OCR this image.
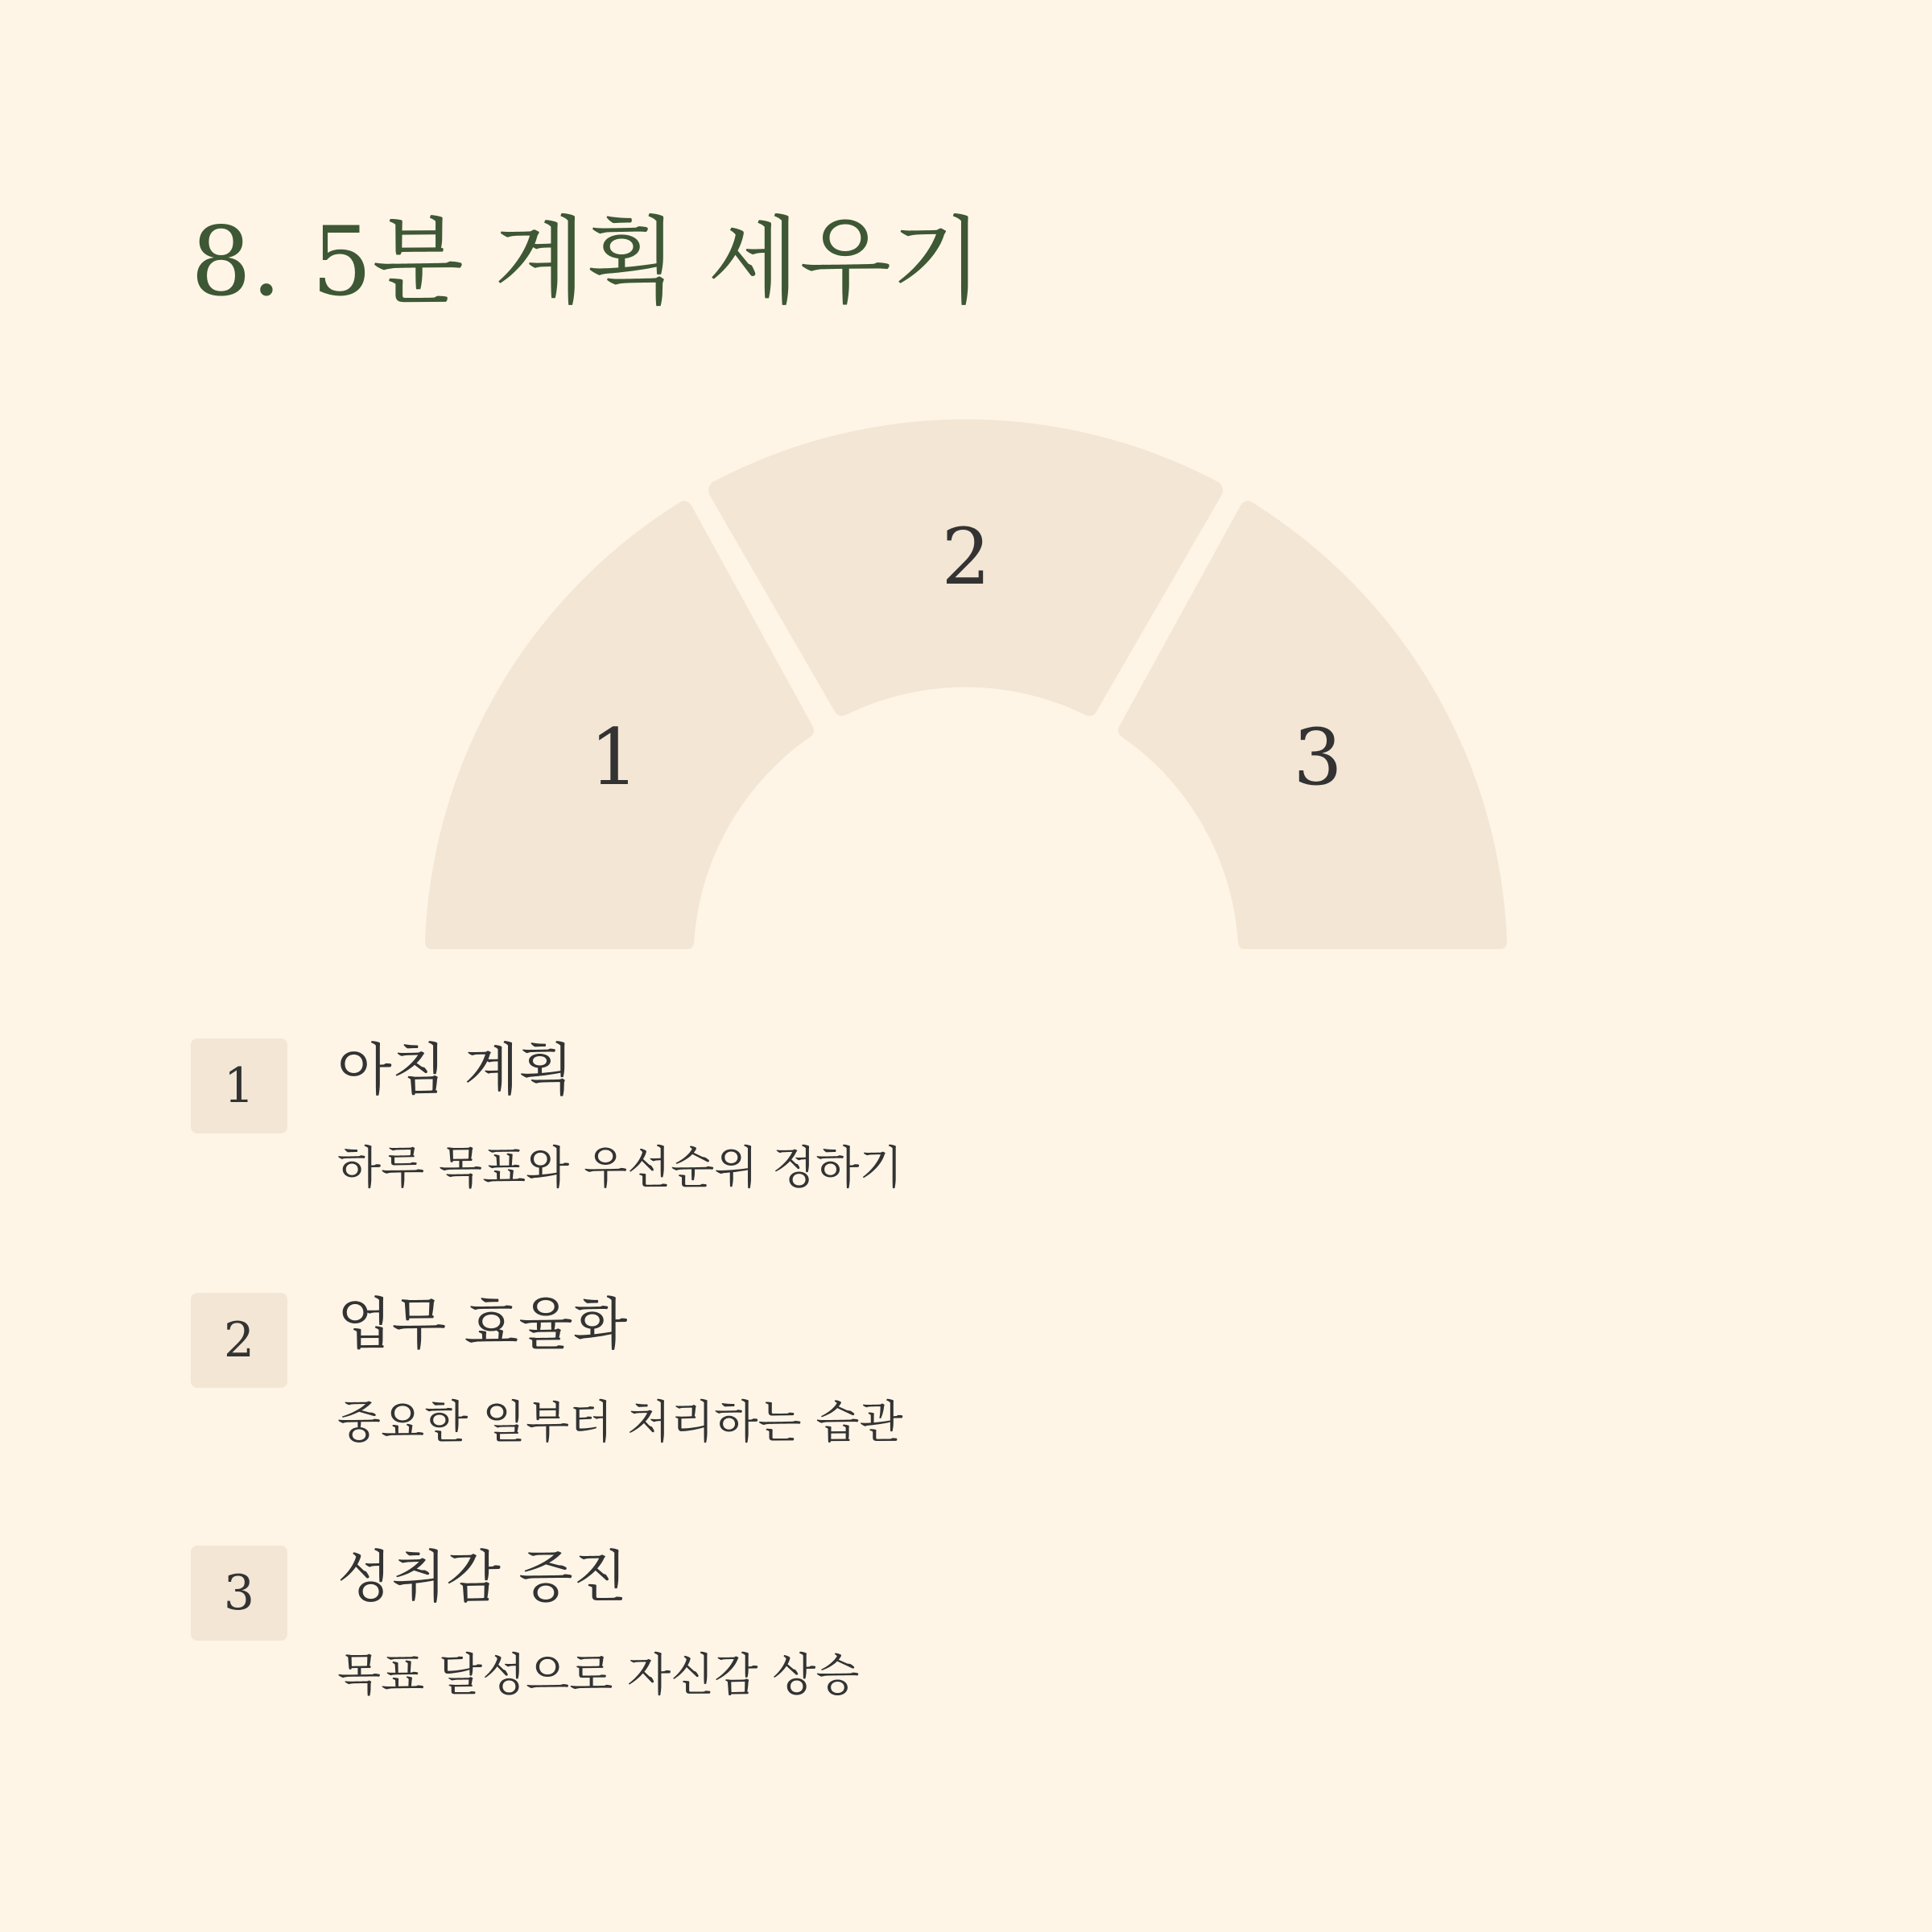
8. 5분 계획 세우기
1
2
3
1	아침 계획
하루 목표와 우선순위 정하기
2	업무 효율화
중요한 일부터 처리하는 습관
3	성취감 증진
목표 달성으로 자신감 상승
